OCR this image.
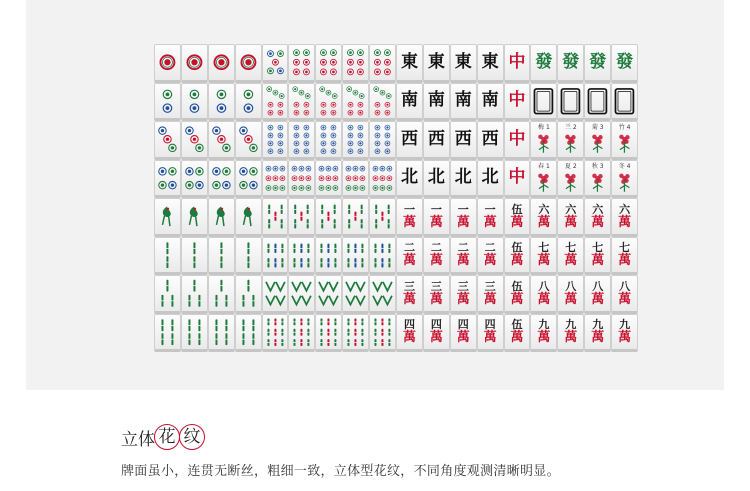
東 東 東 東 中 發 發 發 發
南 南 南 南 中
西 西 西 西 中
梅 1	兰 2	菊 3	竹 4
北 北 北 北 中
春 1	夏 2	秋 3	冬 4
一
萬
一
萬
一
萬
一
萬
伍
萬
六
萬
六
萬
六
萬
六
萬
二
萬
二
萬
二
萬
二
萬
伍
萬
七
萬
七
萬
七
萬
七
萬
三
萬
三
萬
三
萬
三
萬
伍
萬
八
萬
八
萬
八
萬
八
萬
四
萬
四
萬
四
萬
四
萬
伍
萬
九
萬
九
萬
九
萬
九
萬
立体 花 纹
牌面虽小，连贯无断丝，粗细一致，立体型花纹，不同角度观测清晰明显。
